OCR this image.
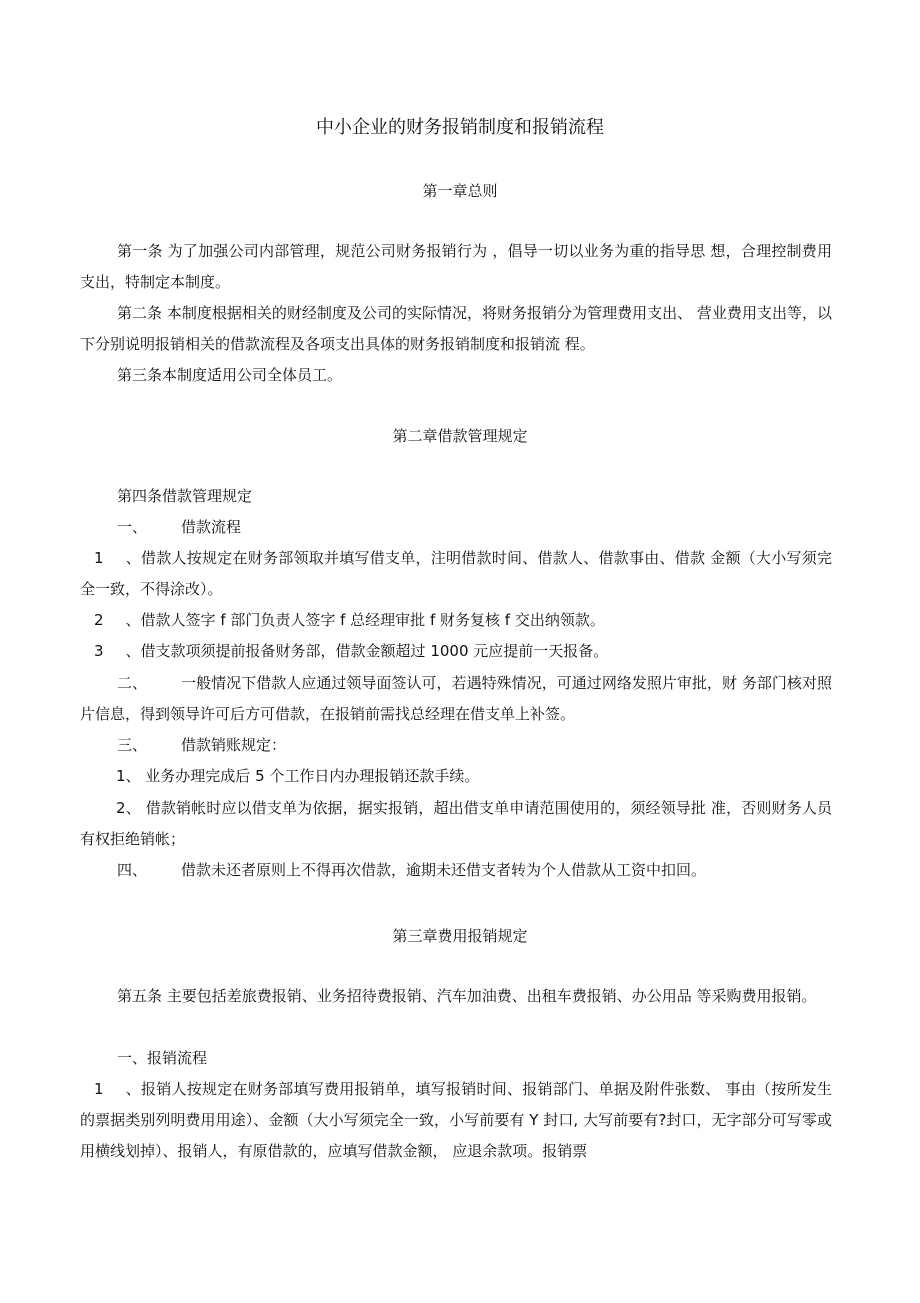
中小企业的财务报销制度和报销流程
第一章总则

第一条 为了加强公司内部管理，规范公司财务报销行为 ，倡导一切以业务为重的指导思 想，合理控制费用支出，特制定本制度。

第二条 本制度根据相关的财经制度及公司的实际情况，将财务报销分为管理费用支出、 营业费用支出等，以下分别说明报销相关的借款流程及各项支出具体的财务报销制度和报销流 程。

第三条本制度适用公司全体员工。

第二章借款管理规定

第四条借款管理规定

一、 借款流程

1 、借款人按规定在财务部领取并填写借支单，注明借款时间、借款人、借款事由、借款 金额（大小写须完全一致，不得涂改）。

2 、借款人签字 f 部门负责人签字 f 总经理审批 f 财务复核 f 交出纳领款。

3 、借支款项须提前报备财务部，借款金额超过 1000 元应提前一天报备。

二、 一般情况下借款人应通过领导面签认可，若遇特殊情况，可通过网络发照片审批，财 务部门核对照片信息，得到领导许可后方可借款，在报销前需找总经理在借支单上补签。

三、 借款销账规定：

1、 业务办理完成后 5 个工作日内办理报销还款手续。

2、 借款销帐时应以借支单为依据，据实报销，超出借支单申请范围使用的，须经领导批 准，否则财务人员有权拒绝销帐；

四、 借款未还者原则上不得再次借款，逾期未还借支者转为个人借款从工资中扣回。

第三章费用报销规定

第五条 主要包括差旅费报销、业务招待费报销、汽车加油费、出租车费报销、办公用品 等采购费用报销。

一、报销流程

1 、报销人按规定在财务部填写费用报销单，填写报销时间、报销部门、单据及附件张数、 事由（按所发生的票据类别列明费用用途）、金额（大小写须完全一致，小写前要有 Y 封口, 大写前要有?封口，无字部分可写零或用横线划掉）、报销人，有原借款的，应填写借款金额， 应退余款项。报销票
